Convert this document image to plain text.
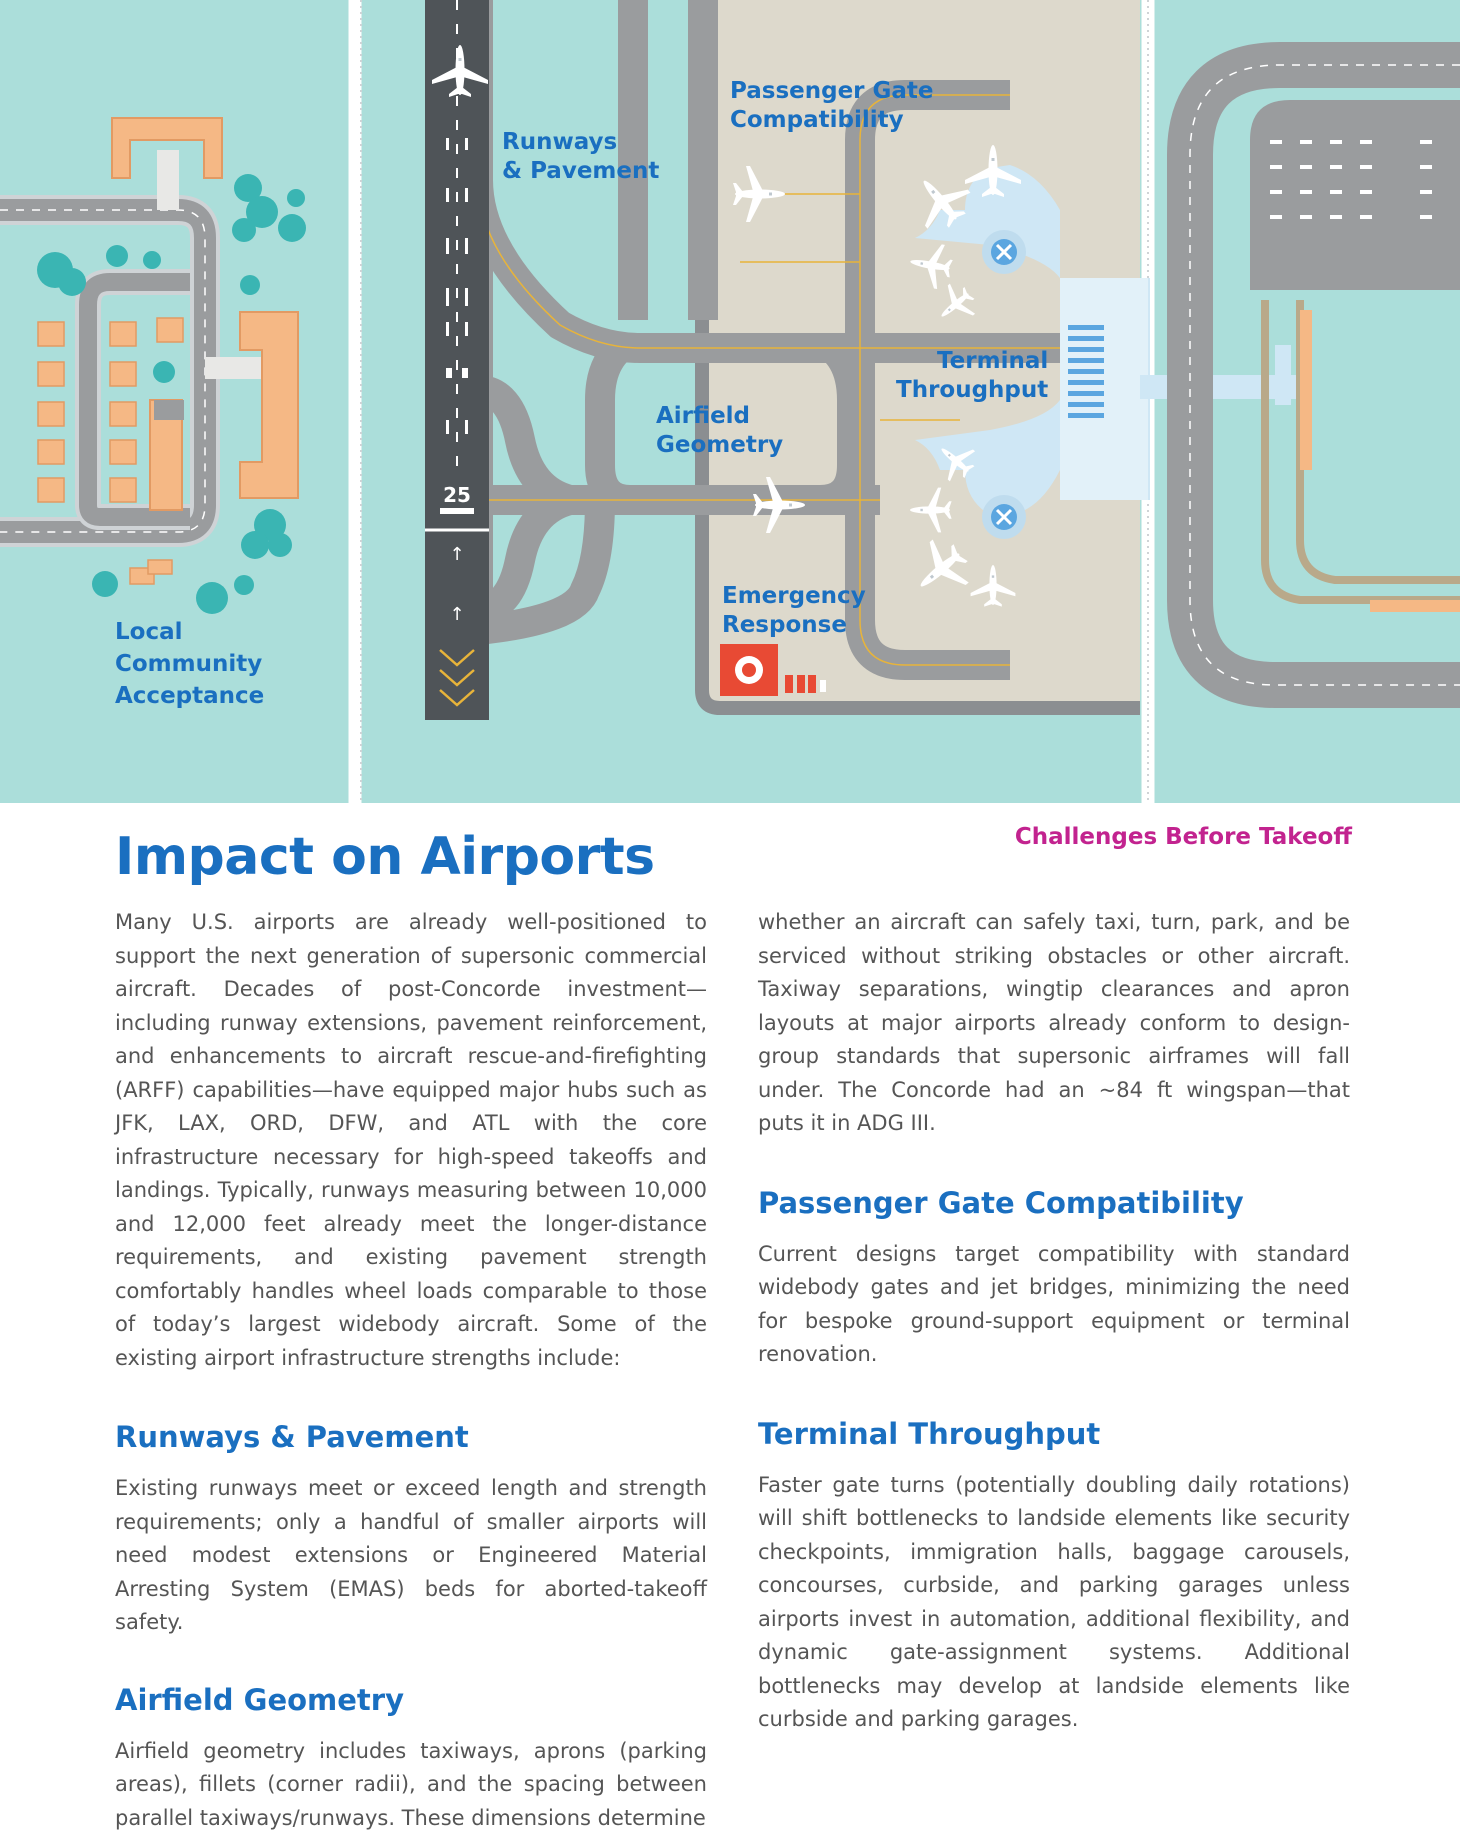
25
↑
↑
Runways
& Pavement
Passenger Gate
Compatibility
Airfield
Geometry
Terminal
Throughput
Emergency
Response
Local
Community
Acceptance
Challenges Before Takeoff
Impact on Airports

Many U.S. airports are already well-positioned to support the next generation of supersonic commercial aircraft. Decades of post-Concorde investment—including runway extensions, pavement reinforcement, and enhancements to aircraft rescue-and-firefighting (ARFF) capabilities—have equipped major hubs such as JFK, LAX, ORD, DFW, and ATL with the core infrastructure necessary for high-speed takeoffs and landings. Typically, runways measuring between 10,000 and 12,000 feet already meet the longer-distance requirements, and existing pavement strength comfortably handles wheel loads comparable to those of today’s largest widebody aircraft. Some of the existing airport infrastructure strengths include:

Runways & Pavement

Existing runways meet or exceed length and strength requirements; only a handful of smaller airports will need modest extensions or Engineered Material Arresting System (EMAS) beds for aborted-takeoff safety.

Airfield Geometry

Airfield geometry includes taxiways, aprons (parking areas), fillets (corner radii), and the spacing between parallel taxiways/runways. These dimensions determine

whether an aircraft can safely taxi, turn, park, and be serviced without striking obstacles or other aircraft. Taxiway separations, wingtip clearances and apron layouts at major airports already conform to design-group standards that supersonic airframes will fall under. The Concorde had an ~84 ft wingspan—that puts it in ADG III.

Passenger Gate Compatibility

Current designs target compatibility with standard widebody gates and jet bridges, minimizing the need for bespoke ground-support equipment or terminal renovation.

Terminal Throughput

Faster gate turns (potentially doubling daily rotations) will shift bottlenecks to landside elements like security checkpoints, immigration halls, baggage carousels, concourses, curbside, and parking garages unless airports invest in automation, additional flexibility, and dynamic gate-assignment systems. Additional bottlenecks may develop at landside elements like curbside and parking garages.
